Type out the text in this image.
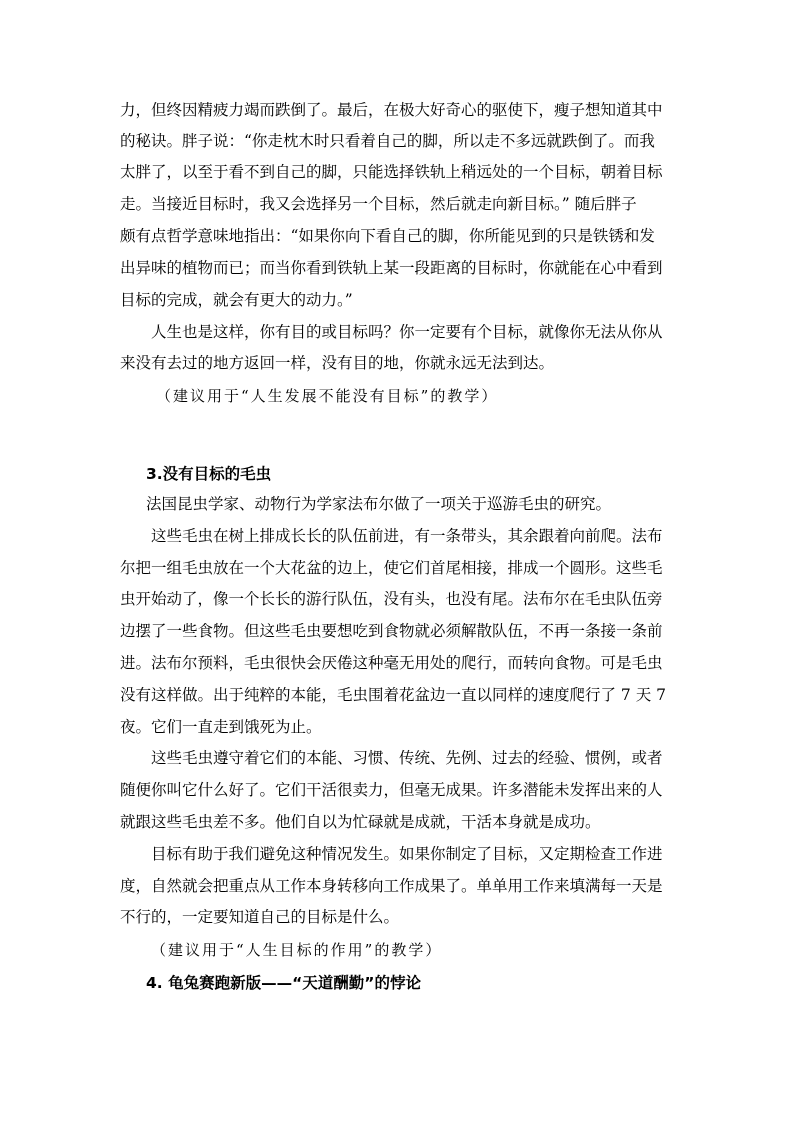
力，但终因精疲力竭而跌倒了。最后，在极大好奇心的驱使下，瘦子想知道其中
的秘诀。胖子说：“你走枕木时只看着自己的脚，所以走不多远就跌倒了。而我
太胖了，以至于看不到自己的脚，只能选择铁轨上稍远处的一个目标，朝着目标
走。当接近目标时，我又会选择另一个目标，然后就走向新目标。” 随后胖子
颇有点哲学意味地指出：“如果你向下看自己的脚，你所能见到的只是铁锈和发
出异味的植物而已；而当你看到铁轨上某一段距离的目标时，你就能在心中看到
目标的完成，就会有更大的动力。”
人生也是这样，你有目的或目标吗？你一定要有个目标，就像你无法从你从
来没有去过的地方返回一样，没有目的地，你就永远无法到达。
（建议用于“人生发展不能没有目标”的教学）
3.没有目标的毛虫
法国昆虫学家、动物行为学家法布尔做了一项关于巡游毛虫的研究。
这些毛虫在树上排成长长的队伍前进，有一条带头，其余跟着向前爬。法布
尔把一组毛虫放在一个大花盆的边上，使它们首尾相接，排成一个圆形。这些毛
虫开始动了，像一个长长的游行队伍，没有头，也没有尾。法布尔在毛虫队伍旁
边摆了一些食物。但这些毛虫要想吃到食物就必须解散队伍，不再一条接一条前
进。法布尔预料，毛虫很快会厌倦这种毫无用处的爬行，而转向食物。可是毛虫
没有这样做。出于纯粹的本能，毛虫围着花盆边一直以同样的速度爬行了 7 天 7
夜。它们一直走到饿死为止。
这些毛虫遵守着它们的本能、习惯、传统、先例、过去的经验、惯例，或者
随便你叫它什么好了。它们干活很卖力，但毫无成果。许多潜能未发挥出来的人
就跟这些毛虫差不多。他们自以为忙碌就是成就，干活本身就是成功。
目标有助于我们避免这种情况发生。如果你制定了目标，又定期检查工作进
度，自然就会把重点从工作本身转移向工作成果了。单单用工作来填满每一天是
不行的，一定要知道自己的目标是什么。
（建议用于“人生目标的作用”的教学）
4. 龟兔赛跑新版——“天道酬勤”的悖论
